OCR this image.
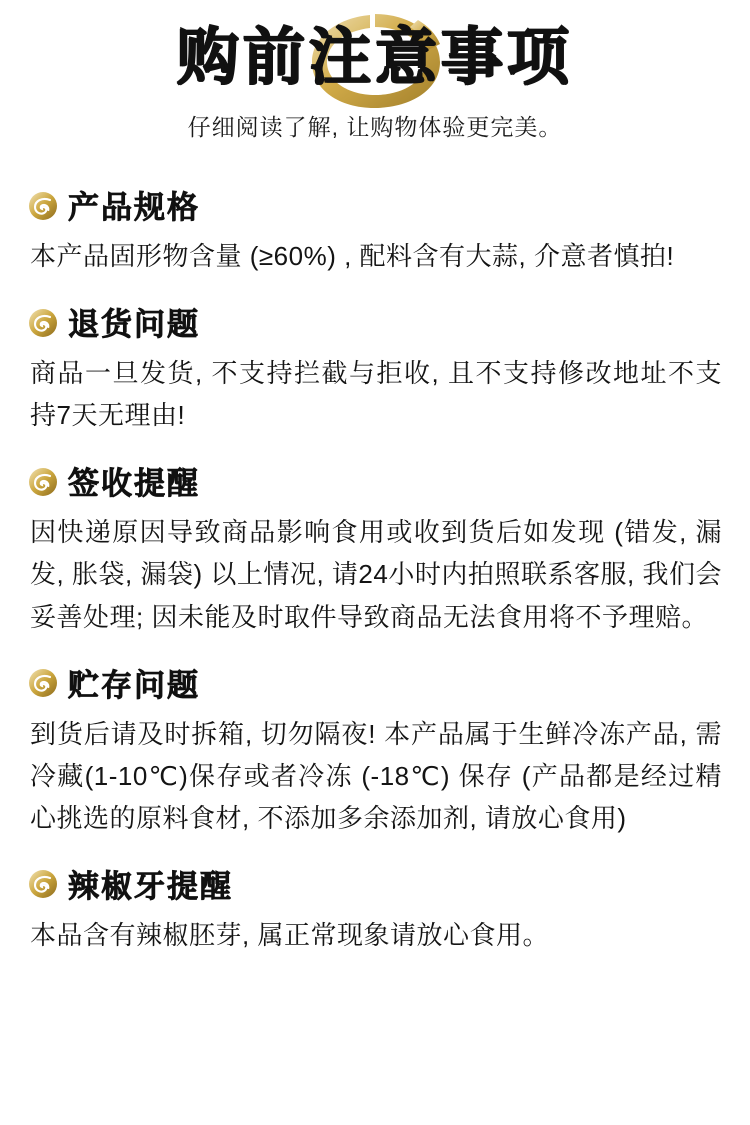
购前注意事项
仔细阅读了解, 让购物体验更完美。
产品规格
本产品固形物含量 (≥60%) , 配料含有大蒜, 介意者慎拍!
退货问题
商品一旦发货, 不支持拦截与拒收, 且不支持修改地址不支持7天无理由!
签收提醒
因快递原因导致商品影响食用或收到货后如发现 (错发, 漏发, 胀袋, 漏袋) 以上情况, 请24小时内拍照联系客服, 我们会妥善处理; 因未能及时取件导致商品无法食用将不予理赔。
贮存问题
到货后请及时拆箱, 切勿隔夜! 本产品属于生鲜冷冻产品, 需冷藏(1-10℃)保存或者冷冻 (-18℃) 保存 (产品都是经过精心挑选的原料食材, 不添加多余添加剂, 请放心食用)
辣椒牙提醒
本品含有辣椒胚芽, 属正常现象请放心食用。
